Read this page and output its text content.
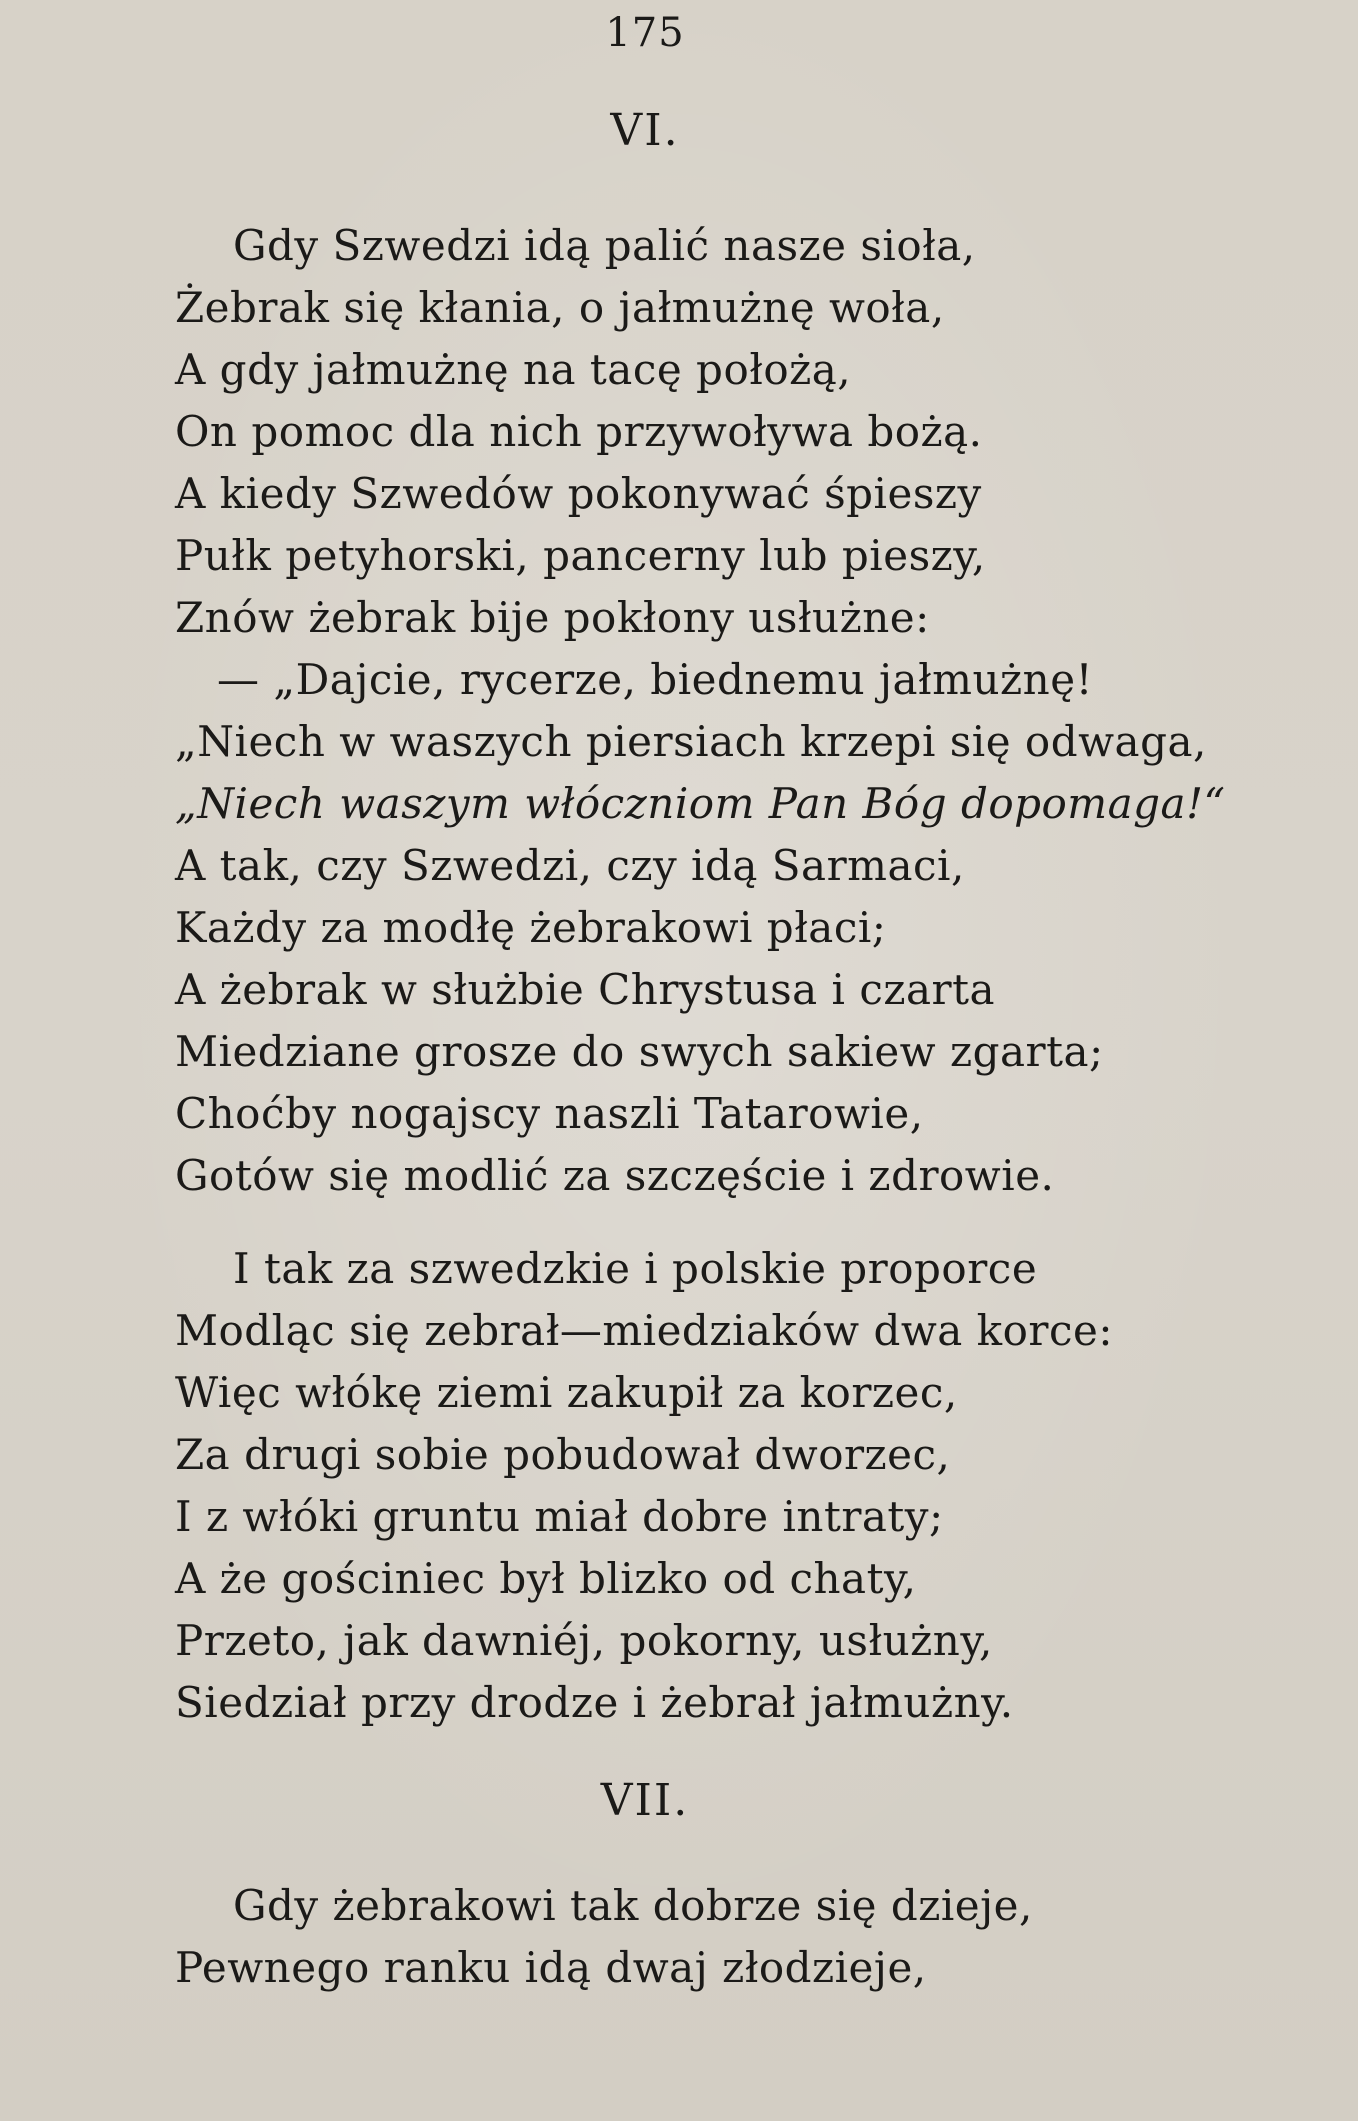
175
VI.
Gdy Szwedzi idą palić nasze sioła,
Żebrak się kłania, o jałmużnę woła,
A gdy jałmużnę na tacę położą,
On pomoc dla nich przywoływa bożą.
A kiedy Szwedów pokonywać śpieszy
Pułk petyhorski, pancerny lub pieszy,
Znów żebrak bije pokłony usłużne:
— „Dajcie, rycerze, biednemu jałmużnę!
„Niech w waszych piersiach krzepi się odwaga,
„Niech waszym włóczniom Pan Bóg dopomaga!“
A tak, czy Szwedzi, czy idą Sarmaci,
Każdy za modłę żebrakowi płaci;
A żebrak w służbie Chrystusa i czarta
Miedziane grosze do swych sakiew zgarta;
Choćby nogajscy naszli Tatarowie,
Gotów się modlić za szczęście i zdrowie.
I tak za szwedzkie i polskie proporce
Modląc się zebrał—miedziaków dwa korce:
Więc włókę ziemi zakupił za korzec,
Za drugi sobie pobudował dworzec,
I z włóki gruntu miał dobre intraty;
A że gościniec był blizko od chaty,
Przeto, jak dawniéj, pokorny, usłużny,
Siedział przy drodze i żebrał jałmużny.
VII.
Gdy żebrakowi tak dobrze się dzieje,
Pewnego ranku idą dwaj złodzieje,
